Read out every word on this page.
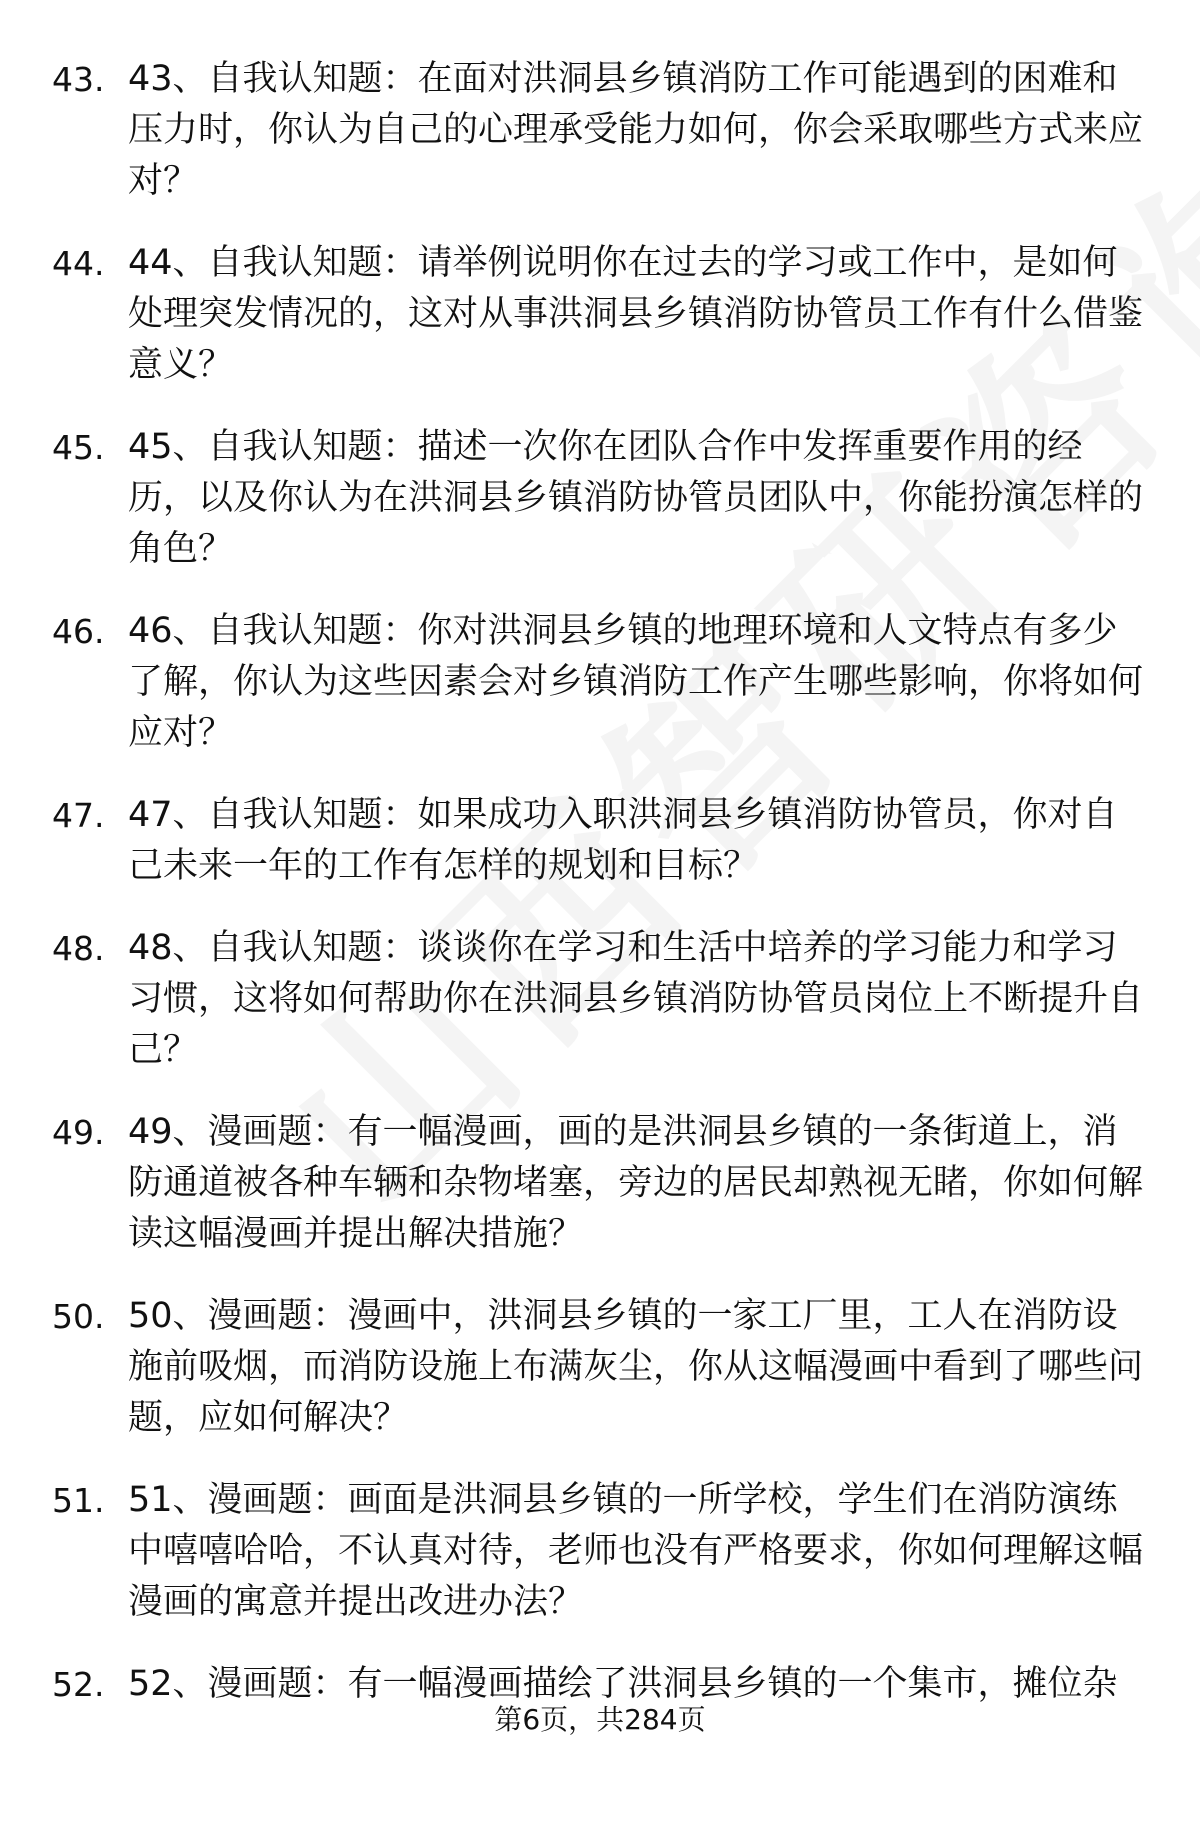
43. 43、自我认知题：在面对洪洞县乡镇消防工作可能遇到的困难和压力时，你认为自己的心理承受能力如何，你会采取哪些方式来应对？
44. 44、自我认知题：请举例说明你在过去的学习或工作中，是如何处理突发情况的，这对从事洪洞县乡镇消防协管员工作有什么借鉴意义？
45. 45、自我认知题：描述一次你在团队合作中发挥重要作用的经历，以及你认为在洪洞县乡镇消防协管员团队中，你能扮演怎样的角色？
46. 46、自我认知题：你对洪洞县乡镇的地理环境和人文特点有多少了解，你认为这些因素会对乡镇消防工作产生哪些影响，你将如何应对？
47. 47、自我认知题：如果成功入职洪洞县乡镇消防协管员，你对自己未来一年的工作有怎样的规划和目标？
48. 48、自我认知题：谈谈你在学习和生活中培养的学习能力和学习习惯，这将如何帮助你在洪洞县乡镇消防协管员岗位上不断提升自己？
49. 49、漫画题：有一幅漫画，画的是洪洞县乡镇的一条街道上，消防通道被各种车辆和杂物堵塞，旁边的居民却熟视无睹，你如何解读这幅漫画并提出解决措施？
50. 50、漫画题：漫画中，洪洞县乡镇的一家工厂里，工人在消防设施前吸烟，而消防设施上布满灰尘，你从这幅漫画中看到了哪些问题，应如何解决？
51. 51、漫画题：画面是洪洞县乡镇的一所学校，学生们在消防演练中嘻嘻哈哈，不认真对待，老师也没有严格要求，你如何理解这幅漫画的寓意并提出改进办法？
52. 52、漫画题：有一幅漫画描绘了洪洞县乡镇的一个集市，摊位杂
第6页，共284页
